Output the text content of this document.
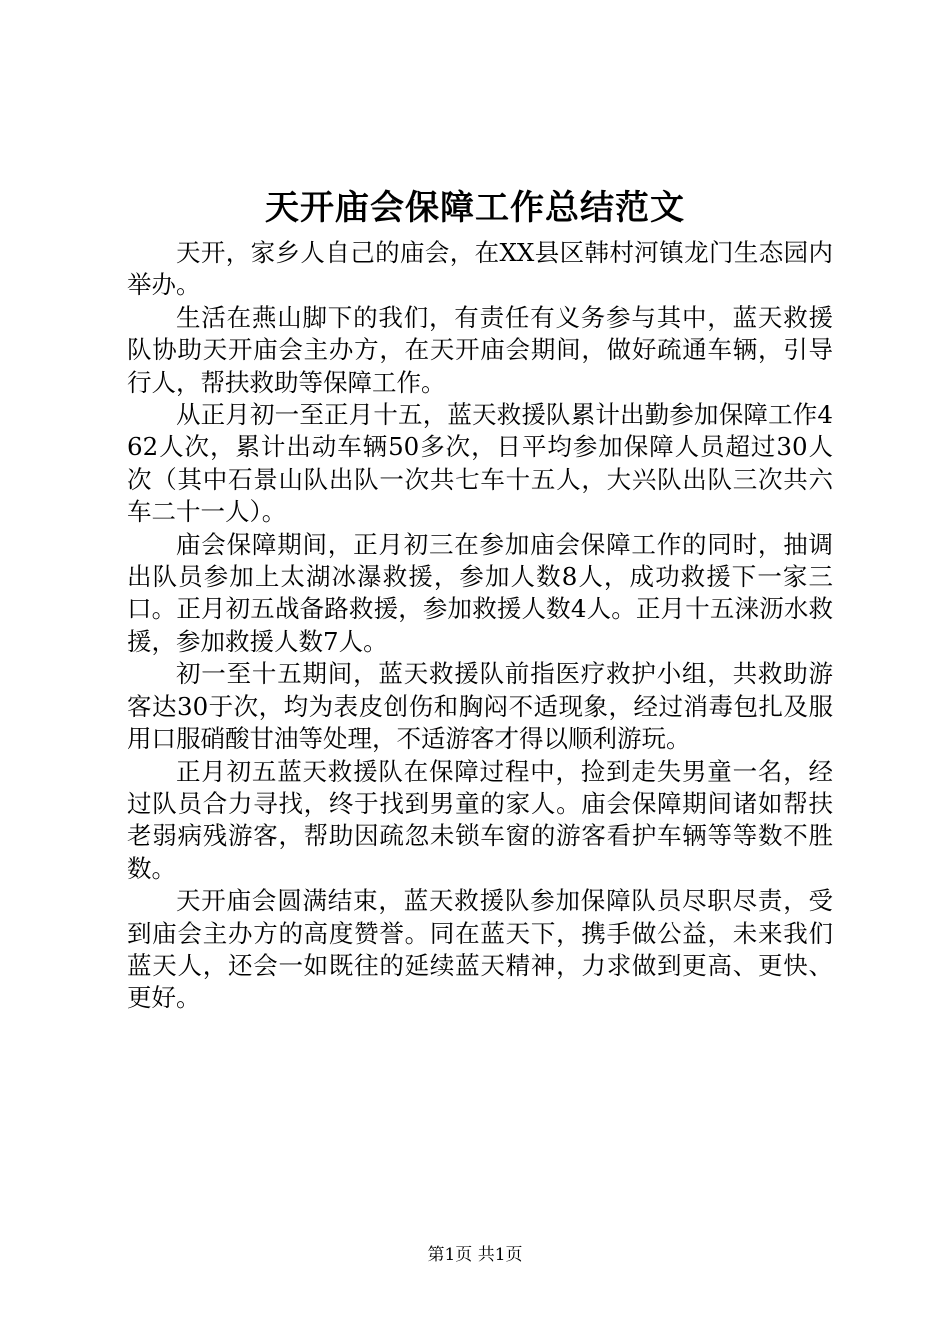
天开庙会保障工作总结范文

天开，家乡人自己的庙会，在XX县区韩村河镇龙门生态园内举办。

生活在燕山脚下的我们，有责任有义务参与其中，蓝天救援队协助天开庙会主办方，在天开庙会期间，做好疏通车辆，引导行人，帮扶救助等保障工作。

从正月初一至正月十五，蓝天救援队累计出勤参加保障工作462人次，累计出动车辆50多次，日平均参加保障人员超过30人次（其中石景山队出队一次共七车十五人，大兴队出队三次共六车二十一人）。

庙会保障期间，正月初三在参加庙会保障工作的同时，抽调出队员参加上太湖冰瀑救援，参加人数8人，成功救援下一家三口。正月初五战备路救援，参加救援人数4人。正月十五涞沥水救援，参加救援人数7人。

初一至十五期间，蓝天救援队前指医疗救护小组，共救助游客达30于次，均为表皮创伤和胸闷不适现象，经过消毒包扎及服用口服硝酸甘油等处理，不适游客才得以顺利游玩。

正月初五蓝天救援队在保障过程中，捡到走失男童一名，经过队员合力寻找，终于找到男童的家人。庙会保障期间诸如帮扶老弱病残游客，帮助因疏忽未锁车窗的游客看护车辆等等数不胜数。

天开庙会圆满结束，蓝天救援队参加保障队员尽职尽责，受到庙会主办方的高度赞誉。同在蓝天下，携手做公益，未来我们蓝天人，还会一如既往的延续蓝天精神，力求做到更高、更快、更好。

第1页 共1页
